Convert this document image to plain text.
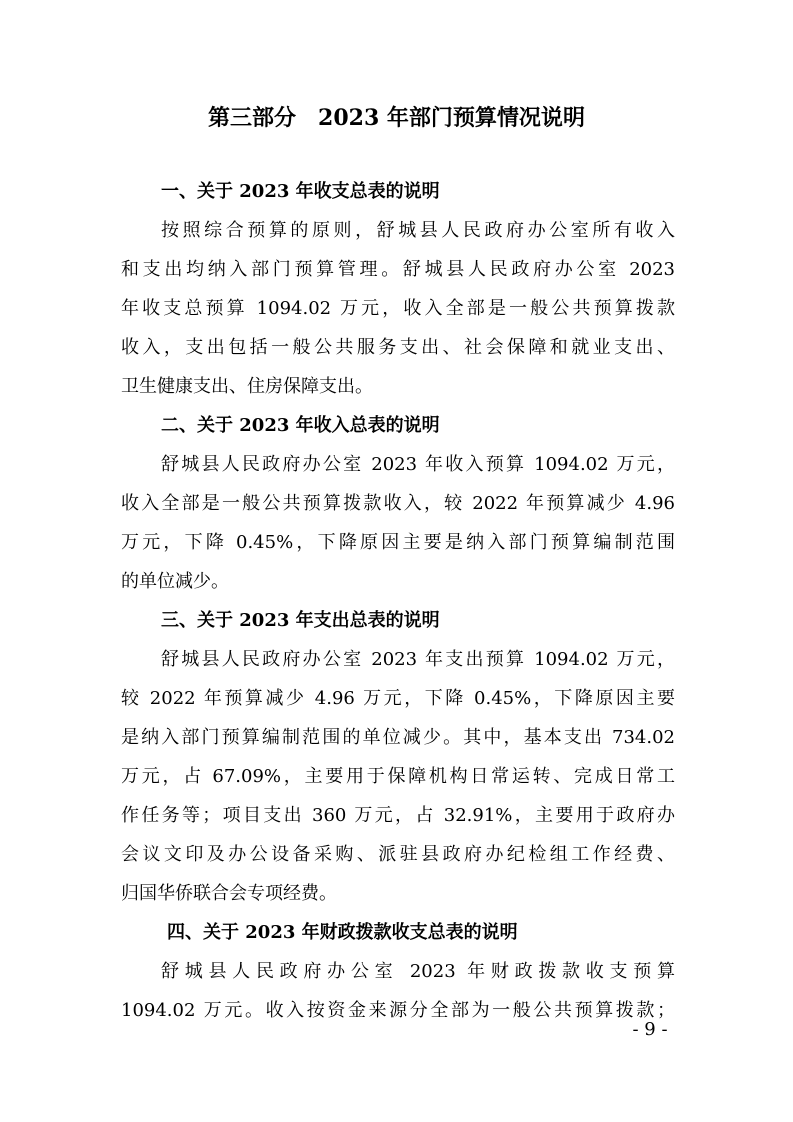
第三部分　2023 年部门预算情况说明
一、关于 2023 年收支总表的说明
按照综合预算的原则，舒城县人民政府办公室所有收入
和支出均纳入部门预算管理。舒城县人民政府办公室 2023
年收支总预算 1094.02 万元，收入全部是一般公共预算拨款
收入，支出包括一般公共服务支出、社会保障和就业支出、
卫生健康支出、住房保障支出。
二、关于 2023 年收入总表的说明
舒城县人民政府办公室 2023 年收入预算 1094.02 万元，
收入全部是一般公共预算拨款收入，较 2022 年预算减少 4.96
万元，下降 0.45%，下降原因主要是纳入部门预算编制范围
的单位减少。
三、关于 2023 年支出总表的说明
舒城县人民政府办公室 2023 年支出预算 1094.02 万元，
较 2022 年预算减少 4.96 万元，下降 0.45%，下降原因主要
是纳入部门预算编制范围的单位减少。其中，基本支出 734.02
万元，占 67.09%，主要用于保障机构日常运转、完成日常工
作任务等；项目支出 360 万元，占 32.91%，主要用于政府办
会议文印及办公设备采购、派驻县政府办纪检组工作经费、
归国华侨联合会专项经费。
四、关于 2023 年财政拨款收支总表的说明
舒城县人民政府办公室 2023 年财政拨款收支预算
1094.02 万元。收入按资金来源分全部为一般公共预算拨款；
- 9 -
